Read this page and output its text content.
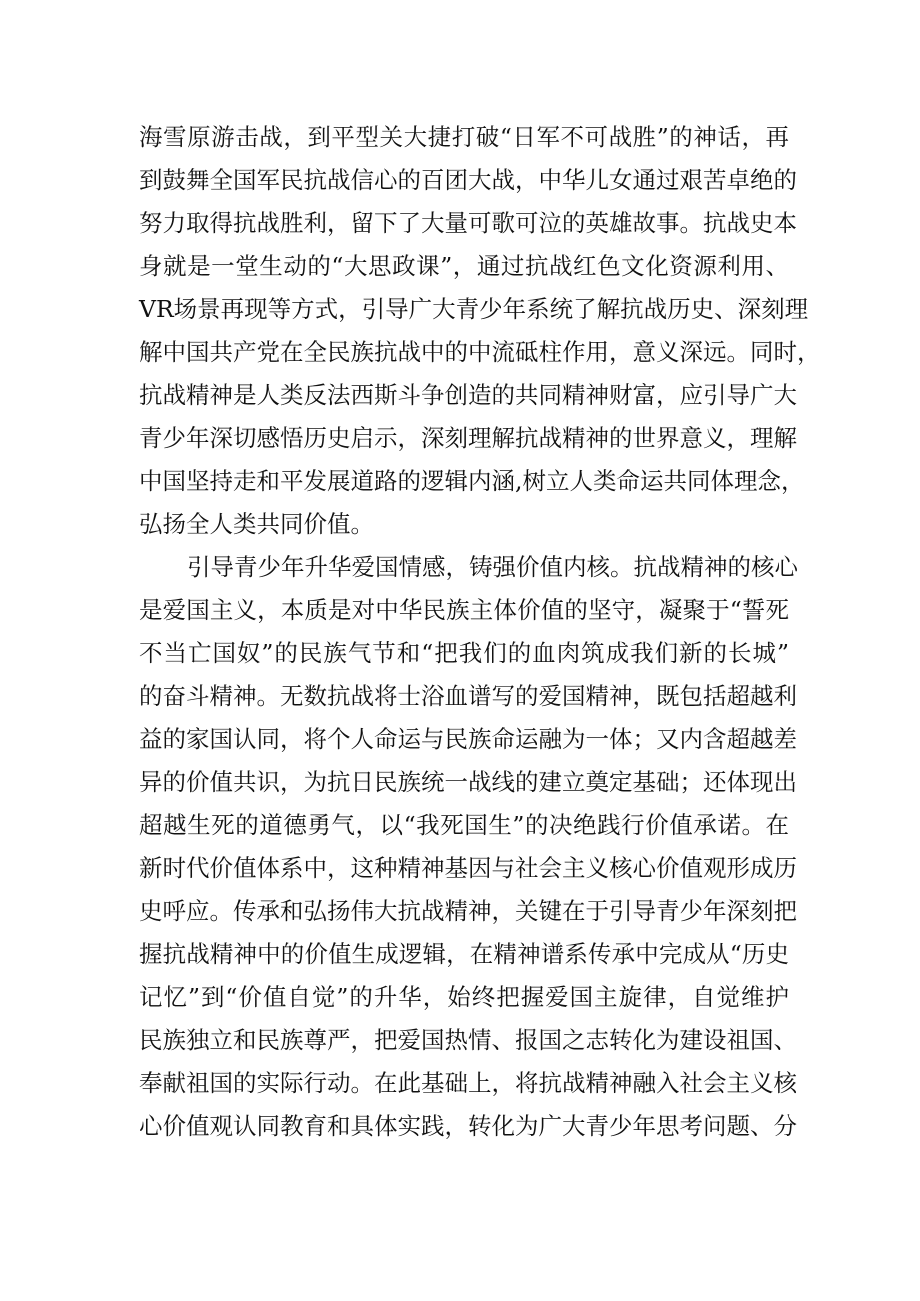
海雪原游击战，到平型关大捷打破“日军不可战胜”的神话，再
到鼓舞全国军民抗战信心的百团大战，中华儿女通过艰苦卓绝的
努力取得抗战胜利，留下了大量可歌可泣的英雄故事。抗战史本
身就是一堂生动的“大思政课”，通过抗战红色文化资源利用、
VR场景再现等方式，引导广大青少年系统了解抗战历史、深刻理
解中国共产党在全民族抗战中的中流砥柱作用，意义深远。同时，
抗战精神是人类反法西斯斗争创造的共同精神财富，应引导广大
青少年深切感悟历史启示，深刻理解抗战精神的世界意义，理解
中国坚持走和平发展道路的逻辑内涵,树立人类命运共同体理念，
弘扬全人类共同价值。
引导青少年升华爱国情感，铸强价值内核。抗战精神的核心
是爱国主义，本质是对中华民族主体价值的坚守，凝聚于“誓死
不当亡国奴”的民族气节和“把我们的血肉筑成我们新的长城”
的奋斗精神。无数抗战将士浴血谱写的爱国精神，既包括超越利
益的家国认同，将个人命运与民族命运融为一体；又内含超越差
异的价值共识，为抗日民族统一战线的建立奠定基础；还体现出
超越生死的道德勇气，以“我死国生”的决绝践行价值承诺。在
新时代价值体系中，这种精神基因与社会主义核心价值观形成历
史呼应。传承和弘扬伟大抗战精神，关键在于引导青少年深刻把
握抗战精神中的价值生成逻辑，在精神谱系传承中完成从“历史
记忆”到“价值自觉”的升华，始终把握爱国主旋律，自觉维护
民族独立和民族尊严，把爱国热情、报国之志转化为建设祖国、
奉献祖国的实际行动。在此基础上，将抗战精神融入社会主义核
心价值观认同教育和具体实践，转化为广大青少年思考问题、分
